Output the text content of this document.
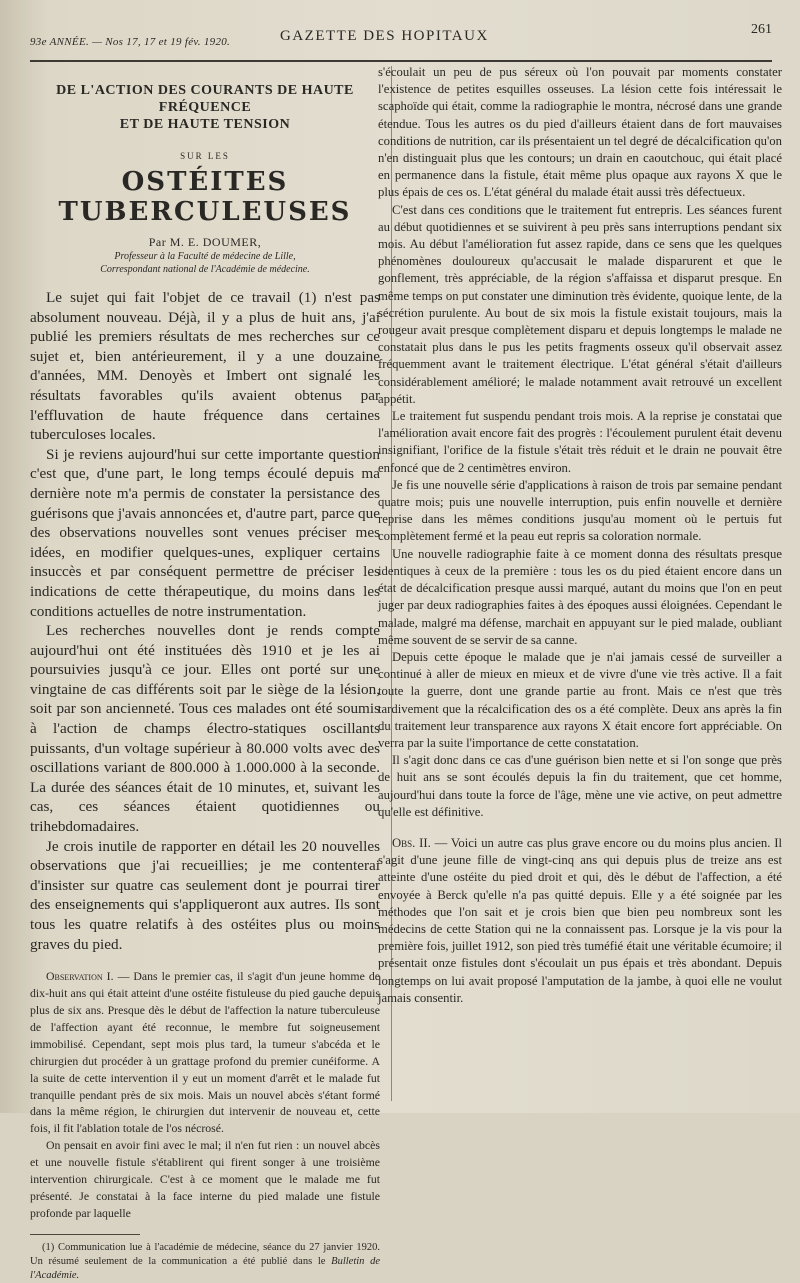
93e ANNÉE. — Nos 17, 17 et 19 fév. 1920.	GAZETTE DES HOPITAUX	261
DE L'ACTION DES COURANTS DE HAUTE FRÉQUENCE
ET DE HAUTE TENSION
SUR LES
OSTÉITES TUBERCULEUSES
Par M. E. DOUMER,
Professeur à la Faculté de médecine de Lille,
Correspondant national de l'Académie de médecine.

Le sujet qui fait l'objet de ce travail (1) n'est pas absolument nouveau. Déjà, il y a plus de huit ans, j'ai publié les premiers résultats de mes recherches sur ce sujet et, bien antérieurement, il y a une douzaine d'années, MM. Denoyès et Imbert ont signalé les résultats favorables qu'ils avaient obtenus par l'effluvation de haute fréquence dans certaines tuberculoses locales.

Si je reviens aujourd'hui sur cette importante question c'est que, d'une part, le long temps écoulé depuis ma dernière note m'a permis de constater la persistance des guérisons que j'avais annoncées et, d'autre part, parce que des observations nouvelles sont venues préciser mes idées, en modifier quelques-unes, expliquer certains insuccès et par conséquent permettre de préciser les indications de cette thérapeutique, du moins dans les conditions actuelles de notre instrumentation.

Les recherches nouvelles dont je rends compte aujourd'hui ont été instituées dès 1910 et je les ai poursuivies jusqu'à ce jour. Elles ont porté sur une vingtaine de cas différents soit par le siège de la lésion, soit par son ancienneté. Tous ces malades ont été soumis à l'action de champs électro-statiques oscillants puissants, d'un voltage supérieur à 80.000 volts avec des oscillations variant de 800.000 à 1.000.000 à la seconde. La durée des séances était de 10 minutes, et, suivant les cas, ces séances étaient quotidiennes ou trihebdomadaires.

Je crois inutile de rapporter en détail les 20 nouvelles observations que j'ai recueillies; je me contenterai d'insister sur quatre cas seulement dont je pourrai tirer des enseignements qui s'appliqueront aux autres. Ils sont tous les quatre relatifs à des ostéites plus ou moins graves du pied.

Observation I. — Dans le premier cas, il s'agit d'un jeune homme de dix-huit ans qui était atteint d'une ostéite fistuleuse du pied gauche depuis plus de six ans. Presque dès le début de l'affection la nature tuberculeuse de l'affection ayant été reconnue, le membre fut soigneusement immobilisé. Cependant, sept mois plus tard, la tumeur s'abcéda et le chirurgien dut procéder à un grattage profond du premier cunéiforme. A la suite de cette intervention il y eut un moment d'arrêt et le malade fut tranquille pendant près de six mois. Mais un nouvel abcès s'étant formé dans la même région, le chirurgien dut intervenir de nouveau et, cette fois, il fit l'ablation totale de l'os nécrosé.

On pensait en avoir fini avec le mal; il n'en fut rien : un nouvel abcès et une nouvelle fistule s'établirent qui firent songer à une troisième intervention chirurgicale. C'est à ce moment que le malade me fut présenté. Je constatai à la face interne du pied malade une fistule profonde par laquelle

(1) Communication lue à l'académie de médecine, séance du 27 janvier 1920. Un résumé seulement de la communication a été publié dans le Bulletin de l'Académie.

s'écoulait un peu de pus séreux où l'on pouvait par moments constater l'existence de petites esquilles osseuses. La lésion cette fois intéressait le scaphoïde qui était, comme la radiographie le montra, nécrosé dans une grande étendue. Tous les autres os du pied d'ailleurs étaient dans de fort mauvaises conditions de nutrition, car ils présentaient un tel degré de décalcification qu'on n'en distinguait plus que les contours; un drain en caoutchouc, qui était placé en permanence dans la fistule, était même plus opaque aux rayons X que le plus épais de ces os. L'état général du malade était aussi très défectueux.

C'est dans ces conditions que le traitement fut entrepris. Les séances furent au début quotidiennes et se suivirent à peu près sans interruptions pendant six mois. Au début l'amélioration fut assez rapide, dans ce sens que les quelques phénomènes douloureux qu'accusait le malade disparurent et que le gonflement, très appréciable, de la région s'affaissa et disparut presque. En même temps on put constater une diminution très évidente, quoique lente, de la sécrétion purulente. Au bout de six mois la fistule existait toujours, mais la rougeur avait presque complètement disparu et depuis longtemps le malade ne constatait plus dans le pus les petits fragments osseux qu'il observait assez fréquemment avant le traitement électrique. L'état général s'était d'ailleurs considérablement amélioré; le malade notamment avait retrouvé un excellent appétit.

Le traitement fut suspendu pendant trois mois. A la reprise je constatai que l'amélioration avait encore fait des progrès : l'écoulement purulent était devenu insignifiant, l'orifice de la fistule s'était très réduit et le drain ne pouvait être enfoncé que de 2 centimètres environ.

Je fis une nouvelle série d'applications à raison de trois par semaine pendant quatre mois; puis une nouvelle interruption, puis enfin nouvelle et dernière reprise dans les mêmes conditions jusqu'au moment où le pertuis fut complètement fermé et la peau eut repris sa coloration normale.

Une nouvelle radiographie faite à ce moment donna des résultats presque identiques à ceux de la première : tous les os du pied étaient encore dans un état de décalcification presque aussi marqué, autant du moins que l'on en peut juger par deux radiographies faites à des époques aussi éloignées. Cependant le malade, malgré ma défense, marchait en appuyant sur le pied malade, oubliant même souvent de se servir de sa canne.

Depuis cette époque le malade que je n'ai jamais cessé de surveiller a continué à aller de mieux en mieux et de vivre d'une vie très active. Il a fait toute la guerre, dont une grande partie au front. Mais ce n'est que très tardivement que la récalcification des os a été complète. Deux ans après la fin du traitement leur transparence aux rayons X était encore fort appréciable. On verra par la suite l'importance de cette constatation.

Il s'agit donc dans ce cas d'une guérison bien nette et si l'on songe que près de huit ans se sont écoulés depuis la fin du traitement, que cet homme, aujourd'hui dans toute la force de l'âge, mène une vie active, on peut admettre qu'elle est définitive.

Obs. II. — Voici un autre cas plus grave encore ou du moins plus ancien. Il s'agit d'une jeune fille de vingt-cinq ans qui depuis plus de treize ans est atteinte d'une ostéite du pied droit et qui, dès le début de l'affection, a été envoyée à Berck qu'elle n'a pas quitté depuis. Elle y a été soignée par les méthodes que l'on sait et je crois bien que bien peu nombreux sont les médecins de cette Station qui ne la connaissent pas. Lorsque je la vis pour la première fois, juillet 1912, son pied très tuméfié était une véritable écumoire; il présentait onze fistules dont s'écoulait un pus épais et très abondant. Depuis longtemps on lui avait proposé l'amputation de la jambe, à quoi elle ne voulut jamais consentir.
